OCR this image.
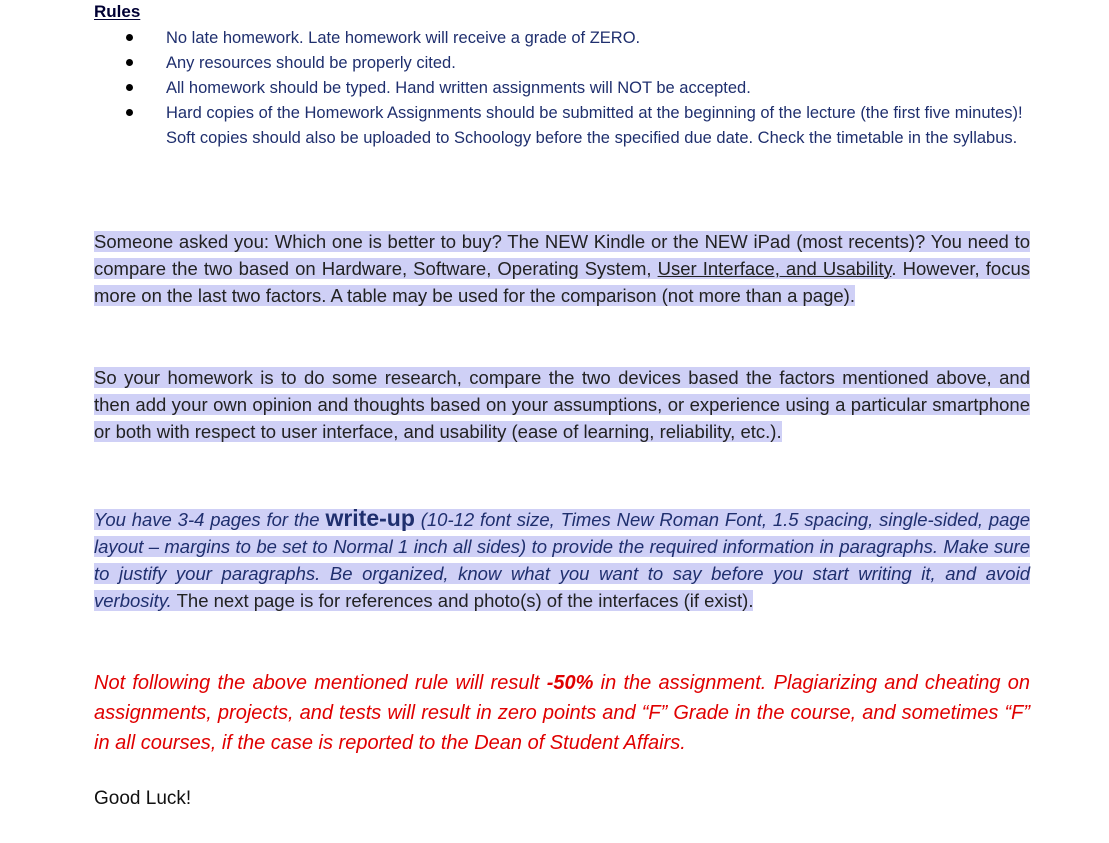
Rules
No late homework. Late homework will receive a grade of ZERO.
Any resources should be properly cited.
All homework should be typed. Hand written assignments will NOT be accepted.
Hard copies of the Homework Assignments should be submitted at the beginning of the lecture (the first five minutes)! Soft copies should also be uploaded to Schoology before the specified due date. Check the timetable in the syllabus.

Someone asked you: Which one is better to buy? The NEW Kindle or the NEW iPad (most recents)? You need to compare the two based on Hardware, Software, Operating System, User Interface, and Usability. However, focus more on the last two factors. A table may be used for the comparison (not more than a page).

So your homework is to do some research, compare the two devices based the factors mentioned above, and then add your own opinion and thoughts based on your assumptions, or experience using a particular smartphone or both with respect to user interface, and usability (ease of learning, reliability, etc.).

You have 3-4 pages for the write-up (10-12 font size, Times New Roman Font, 1.5 spacing, single-sided, page layout – margins to be set to Normal 1 inch all sides) to provide the required information in paragraphs. Make sure to justify your paragraphs. Be organized, know what you want to say before you start writing it, and avoid verbosity. The next page is for references and photo(s) of the interfaces (if exist).

Not following the above mentioned rule will result -50% in the assignment. Plagiarizing and cheating on assignments, projects, and tests will result in zero points and “F” Grade in the course, and sometimes “F” in all courses, if the case is reported to the Dean of Student Affairs.

Good Luck!
